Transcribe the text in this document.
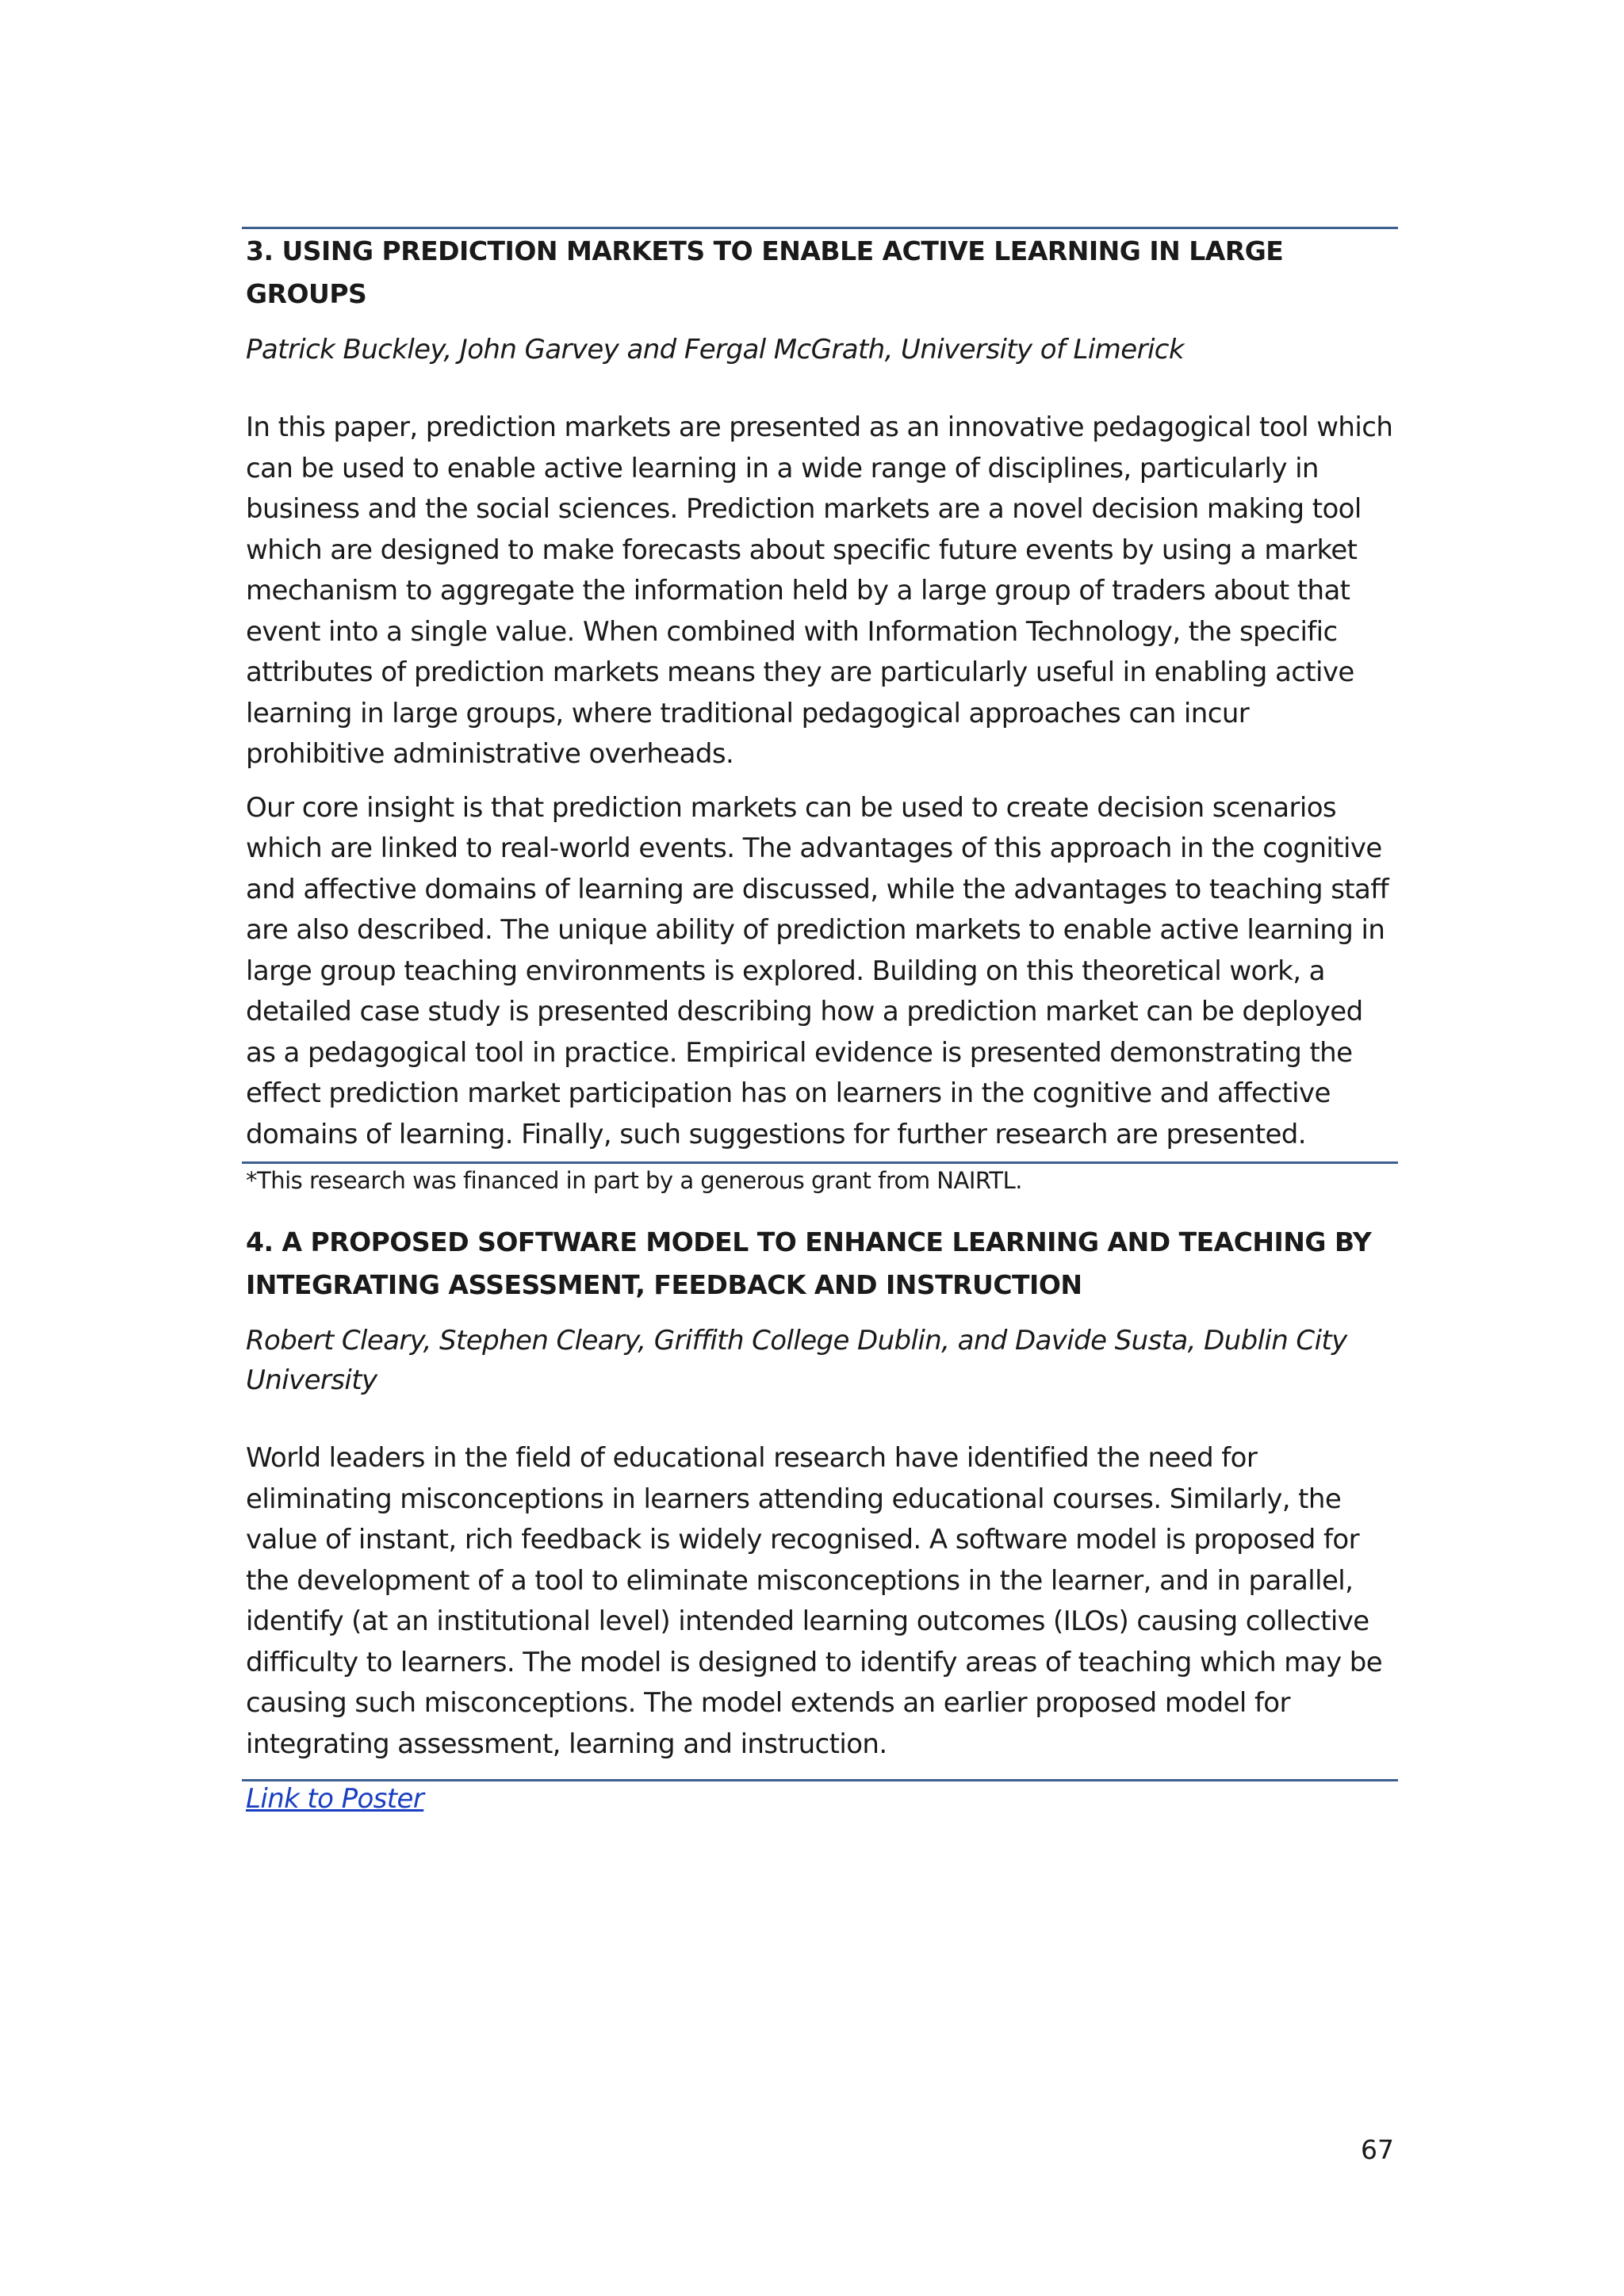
3. USING PREDICTION MARKETS TO ENABLE ACTIVE LEARNING IN LARGE GROUPS

Patrick Buckley, John Garvey and Fergal McGrath, University of Limerick

In this paper, prediction markets are presented as an innovative pedagogical tool which can be used to enable active learning in a wide range of disciplines, particularly in business and the social sciences. Prediction markets are a novel decision making tool which are designed to make forecasts about specific future events by using a market mechanism to aggregate the information held by a large group of traders about that event into a single value. When combined with Information Technology, the specific attributes of prediction markets means they are particularly useful in enabling active learning in large groups, where traditional pedagogical approaches can incur prohibitive administrative overheads.

Our core insight is that prediction markets can be used to create decision scenarios which are linked to real-world events. The advantages of this approach in the cognitive and affective domains of learning are discussed, while the advantages to teaching staff are also described. The unique ability of prediction markets to enable active learning in large group teaching environments is explored. Building on this theoretical work, a detailed case study is presented describing how a prediction market can be deployed as a pedagogical tool in practice. Empirical evidence is presented demonstrating the effect prediction market participation has on learners in the cognitive and affective domains of learning. Finally, such suggestions for further research are presented.

*This research was financed in part by a generous grant from NAIRTL.

4. A PROPOSED SOFTWARE MODEL TO ENHANCE LEARNING AND TEACHING BY INTEGRATING ASSESSMENT, FEEDBACK AND INSTRUCTION

Robert Cleary, Stephen Cleary, Griffith College Dublin, and Davide Susta, Dublin City University

World leaders in the field of educational research have identified the need for eliminating misconceptions in learners attending educational courses. Similarly, the value of instant, rich feedback is widely recognised. A software model is proposed for the development of a tool to eliminate misconceptions in the learner, and in parallel, identify (at an institutional level) intended learning outcomes (ILOs) causing collective difficulty to learners. The model is designed to identify areas of teaching which may be causing such misconceptions. The model extends an earlier proposed model for integrating assessment, learning and instruction.

Link to Poster

67
